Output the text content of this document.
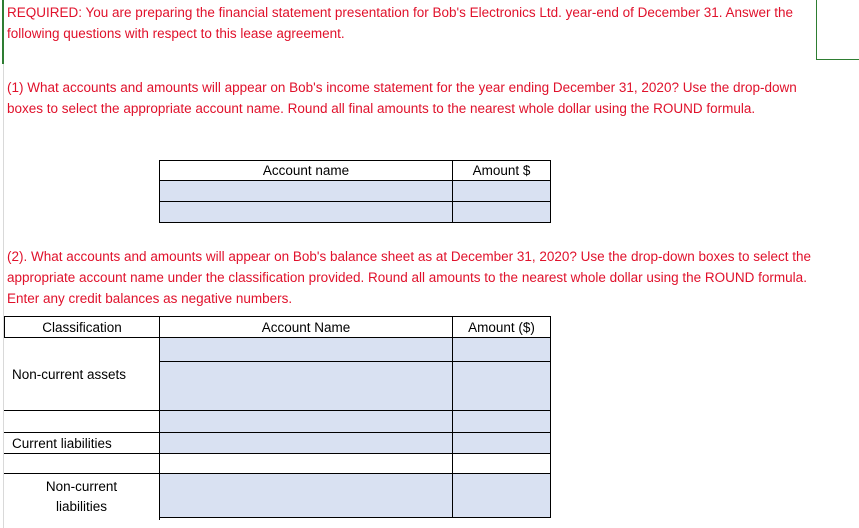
REQUIRED: You are preparing the financial statement presentation for Bob's Electronics Ltd. year-end of December 31. Answer the following questions with respect to this lease agreement.
(1) What accounts and amounts will appear on Bob's income statement for the year ending December 31, 2020? Use the drop-down boxes to select the appropriate account name. Round all final amounts to the nearest whole dollar using the ROUND formula.
Account name	Amount $
(2). What accounts and amounts will appear on Bob's balance sheet as at December 31, 2020? Use the drop-down boxes to select the appropriate account name under the classification provided. Round all amounts to the nearest whole dollar using the ROUND formula. Enter any credit balances as negative numbers.
Classification	Account Name	Amount ($)
Non-current assets
Current liabilities
Non-current liabilities
